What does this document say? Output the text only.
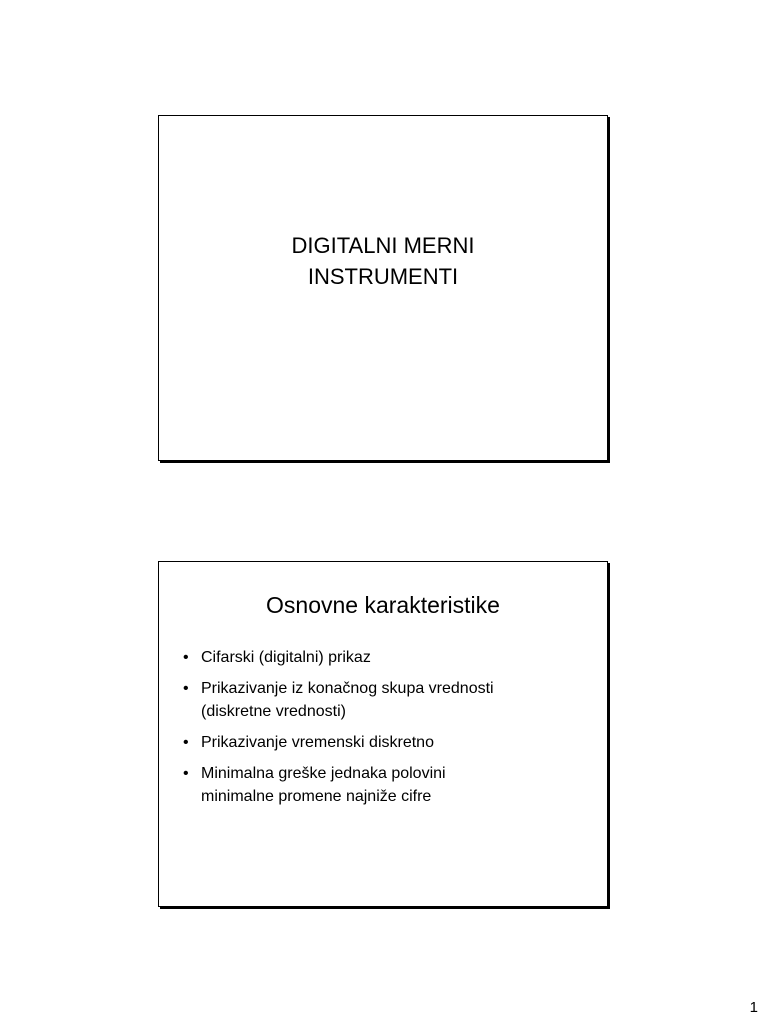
DIGITALNI MERNI
INSTRUMENTI
Osnovne karakteristike
• Cifarski (digitalni) prikaz
• Prikazivanje iz konačnog skupa vrednosti
(diskretne vrednosti)
• Prikazivanje vremenski diskretno
• Minimalna greške jednaka polovini
minimalne promene najniže cifre
1
